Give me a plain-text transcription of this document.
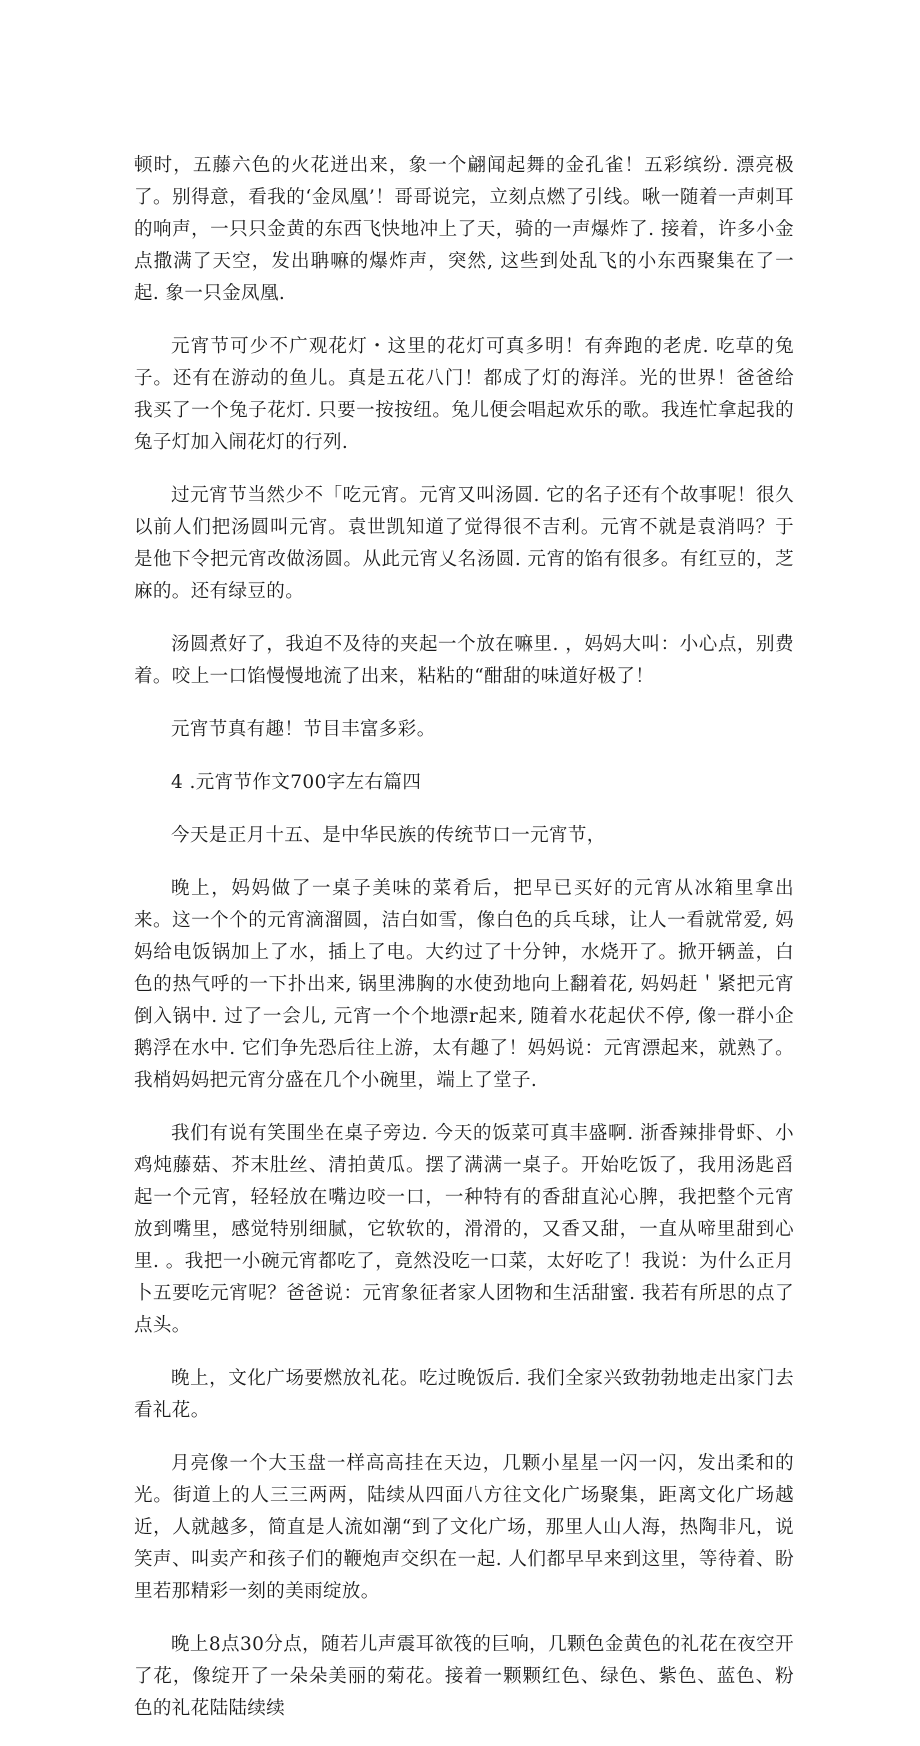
顿时，五藤六色的火花迸出来，象一个翩闻起舞的金孔雀！五彩缤纷. 漂亮极了。别得意，看我的‘金凤凰’！哥哥说完，立刻点燃了引线。啾一随着一声刺耳的响声，一只只金黄的东西飞快地冲上了天，骑的一声爆炸了. 接着，许多小金点撒满了天空，发出聃嘛的爆炸声，突然, 这些到处乱飞的小东西聚集在了一起. 象一只金凤凰.

元宵节可少不广观花灯・这里的花灯可真多明！有奔跑的老虎. 吃草的兔子。还有在游动的鱼儿。真是五花八门！都成了灯的海洋。光的世界！爸爸给我买了一个兔子花灯. 只要一按按纽。兔儿便会唱起欢乐的歌。我连忙拿起我的兔子灯加入闹花灯的行列.

过元宵节当然少不「吃元宵。元宵又叫汤圆. 它的名子还有个故事呢！很久以前人们把汤圆叫元宵。袁世凯知道了觉得很不吉利。元宵不就是袁消吗？于是他下令把元宵改做汤圆。从此元宵乂名汤圆. 元宵的馅有很多。有红豆的，芝麻的。还有绿豆的。

汤圆煮好了，我迫不及待的夹起一个放在嘛里. ，妈妈大叫：小心点，别费着。咬上一口馅慢慢地流了出来，粘粘的“酣甜的味道好极了！

元宵节真有趣！节目丰富多彩。

4 .元宵节作文700字左右篇四

今天是正月十五、是中华民族的传统节口一元宵节，

晚上，妈妈做了一桌子美味的菜肴后，把早已买好的元宵从冰箱里拿出来。这一个个的元宵滴溜圆，洁白如雪，像白色的兵乓球，让人一看就常爱, 妈妈给电饭锅加上了水，插上了电。大约过了十分钟，水烧开了。掀开辆盖，白色的热气呼的一下扑出来, 锅里沸胸的水使劲地向上翻着花, 妈妈赶＇紧把元宵倒入锅中. 过了一会儿, 元宵一个个地漂r起来, 随着水花起伏不停, 像一群小企鹅浮在水中. 它们争先恐后往上游，太有趣了！妈妈说：元宵漂起来，就熟了。我梢妈妈把元宵分盛在几个小碗里，端上了堂子.

我们有说有笑围坐在桌子旁边. 今天的饭菜可真丰盛啊. 浙香辣排骨虾、小鸡炖藤菇、芥末肚丝、清拍黄瓜。摆了满满一桌子。开始吃饭了，我用汤匙舀起一个元宵，轻轻放在嘴边咬一口，一种特有的香甜直沁心脾，我把整个元宵放到嘴里，感觉特别细腻，它软软的，滑滑的，又香又甜，一直从啼里甜到心里. 。我把一小碗元宵都吃了，竟然没吃一口菜，太好吃了！我说：为什么正月卜五要吃元宵呢？爸爸说：元宵象征者家人团物和生活甜蜜. 我若有所思的点了点头。

晚上，文化广场要燃放礼花。吃过晚饭后. 我们全家兴致勃勃地走出家门去看礼花。

月亮像一个大玉盘一样高高挂在天边，几颗小星星一闪一闪，发出柔和的光。街道上的人三三两两，陆续从四面八方往文化广场聚集，距离文化广场越近，人就越多，简直是人流如潮“到了文化广场，那里人山人海，热陶非凡，说笑声、叫卖产和孩子们的鞭炮声交织在一起. 人们都早早来到这里，等待着、盼里若那精彩一刻的美雨绽放。

晚上8点30分点，随若儿声震耳欲筏的巨响，几颗色金黄色的礼花在夜空开了花，像绽开了一朵朵美丽的菊花。接着一颗颗红色、绿色、紫色、蓝色、粉色的礼花陆陆续续
